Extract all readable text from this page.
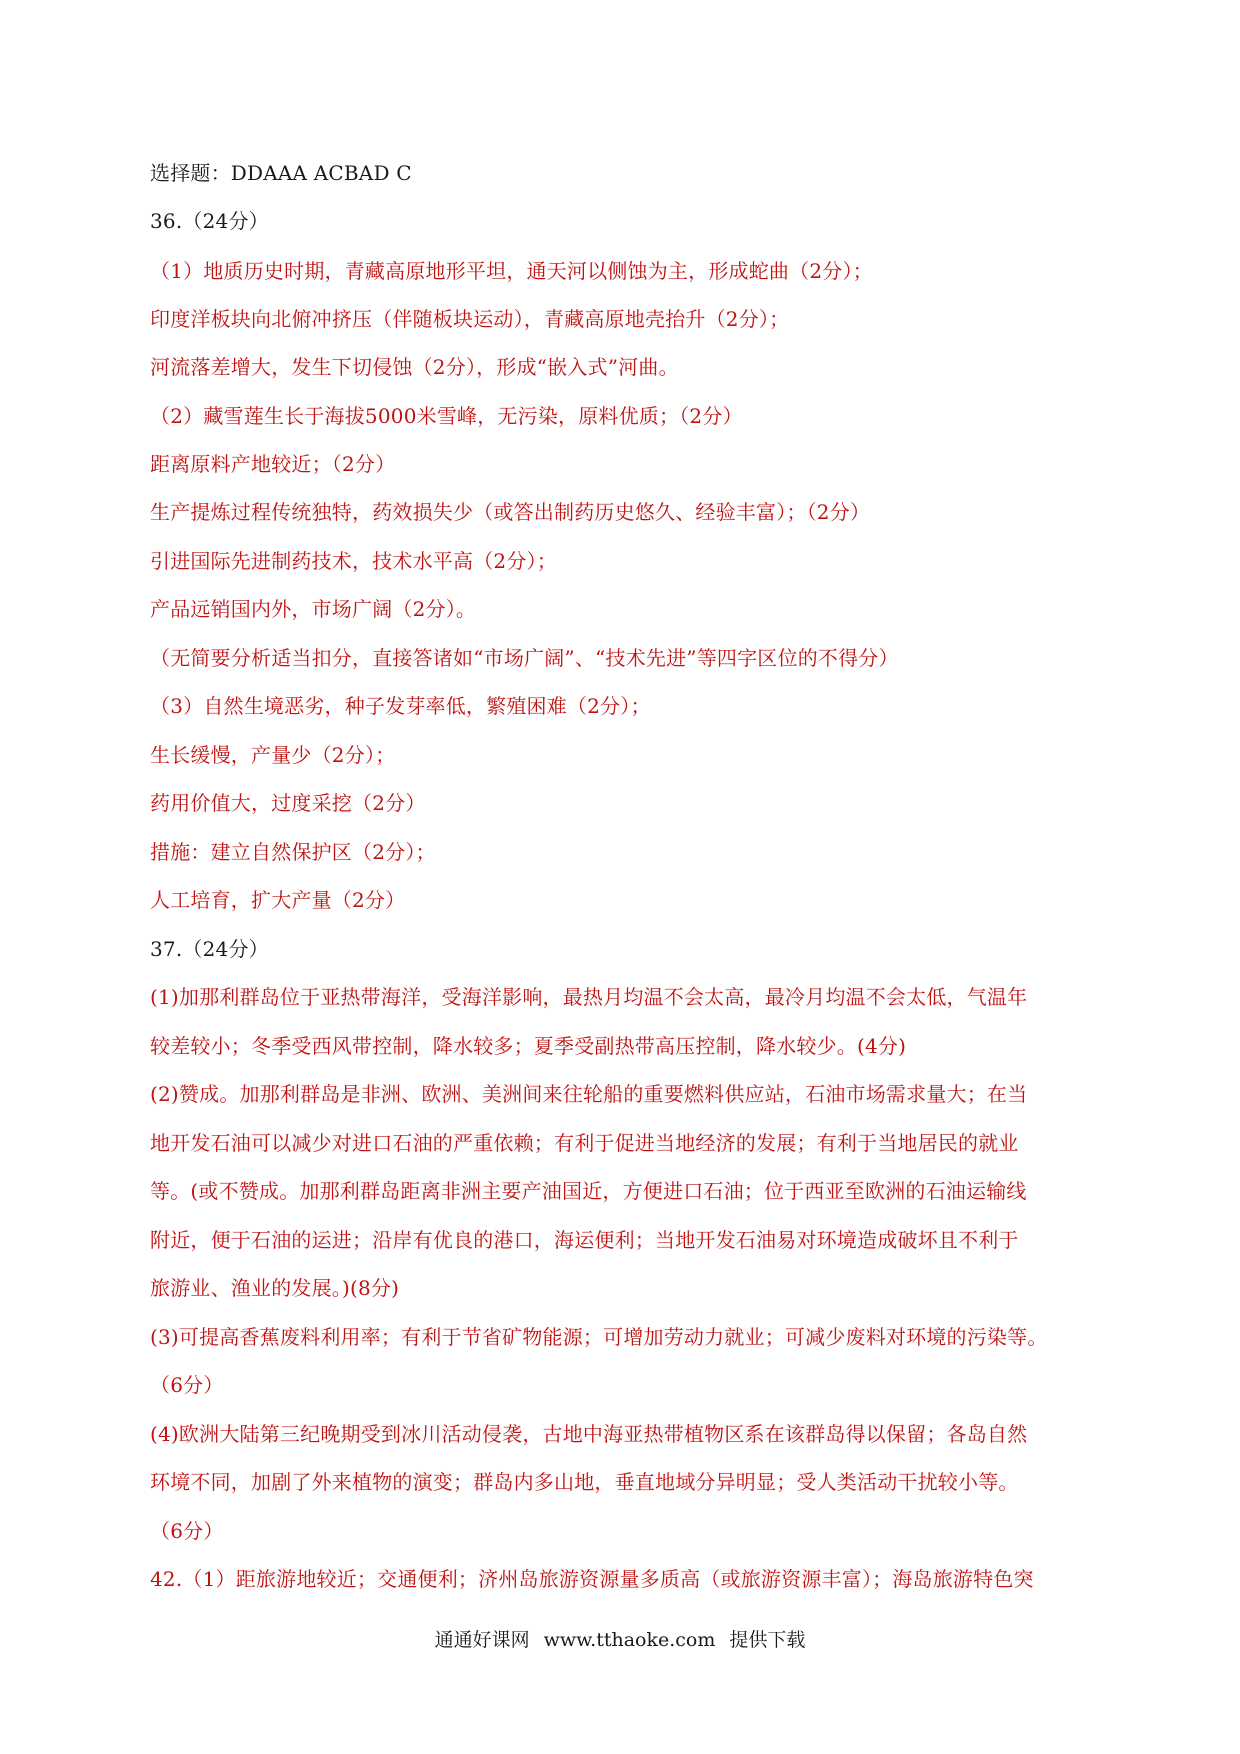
选择题：DDAAA ACBAD C
36.（24分）
（1）地质历史时期，青藏高原地形平坦，通天河以侧蚀为主，形成蛇曲（2分）；
印度洋板块向北俯冲挤压（伴随板块运动），青藏高原地壳抬升（2分）；
河流落差增大，发生下切侵蚀（2分），形成“嵌入式”河曲。
（2）藏雪莲生长于海拔5000米雪峰，无污染，原料优质；（2分）
距离原料产地较近；（2分）
生产提炼过程传统独特，药效损失少（或答出制药历史悠久、经验丰富）；（2分）
引进国际先进制药技术，技术水平高（2分）；
产品远销国内外，市场广阔（2分）。
（无简要分析适当扣分，直接答诸如“市场广阔”、“技术先进”等四字区位的不得分）
（3）自然生境恶劣，种子发芽率低，繁殖困难（2分）；
生长缓慢，产量少（2分）；
药用价值大，过度采挖（2分）
措施：建立自然保护区（2分）；
人工培育，扩大产量（2分）
37.（24分）
(1)加那利群岛位于亚热带海洋，受海洋影响，最热月均温不会太高，最冷月均温不会太低，气温年
较差较小；冬季受西风带控制，降水较多；夏季受副热带高压控制，降水较少。(4分)
(2)赞成。加那利群岛是非洲、欧洲、美洲间来往轮船的重要燃料供应站，石油市场需求量大；在当
地开发石油可以减少对进口石油的严重依赖；有利于促进当地经济的发展；有利于当地居民的就业
等。(或不赞成。加那利群岛距离非洲主要产油国近，方便进口石油；位于西亚至欧洲的石油运输线
附近，便于石油的运进；沿岸有优良的港口，海运便利；当地开发石油易对环境造成破坏且不利于
旅游业、渔业的发展。)(8分)
(3)可提高香蕉废料利用率；有利于节省矿物能源；可增加劳动力就业；可减少废料对环境的污染等。
（6分）
(4)欧洲大陆第三纪晚期受到冰川活动侵袭，古地中海亚热带植物区系在该群岛得以保留；各岛自然
环境不同，加剧了外来植物的演变；群岛内多山地，垂直地域分异明显；受人类活动干扰较小等。
（6分）
42.（1）距旅游地较近；交通便利；济州岛旅游资源量多质高（或旅游资源丰富）；海岛旅游特色突
通通好课网 www.tthaoke.com 提供下载
